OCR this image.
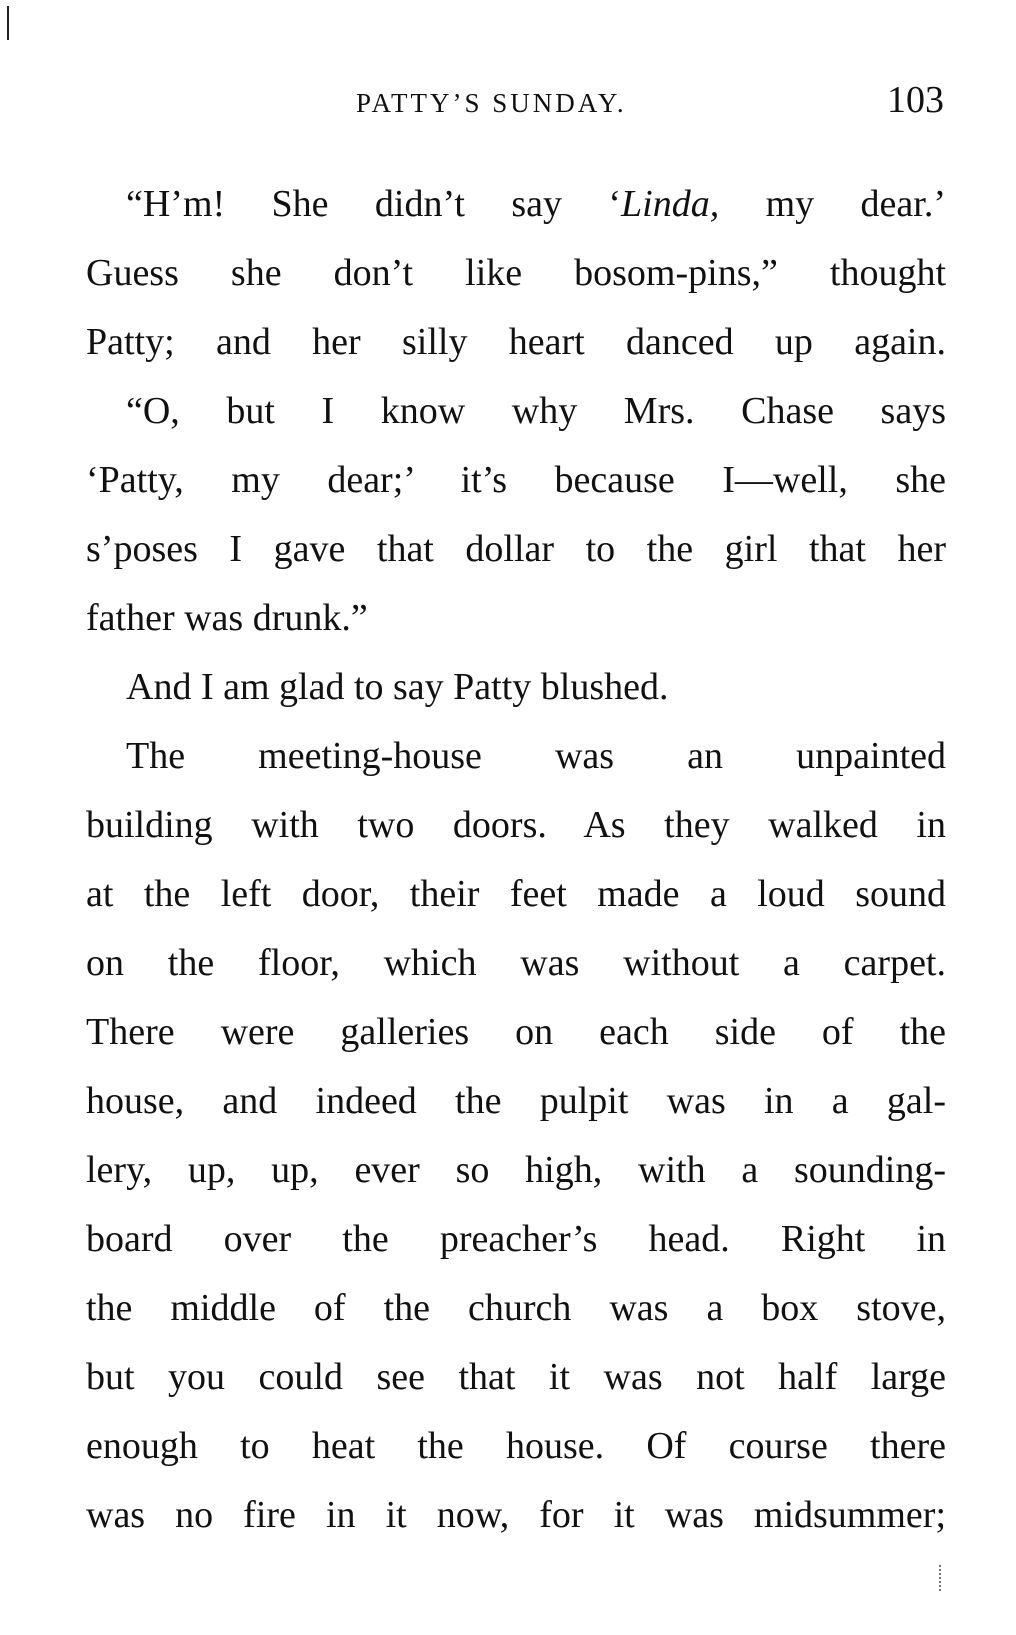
PATTY’S SUNDAY.	103
“H’m! She didn’t say ‘Linda, my dear.’
Guess she don’t like bosom-pins,” thought
Patty; and her silly heart danced up again.
“O, but I know why Mrs. Chase says
‘Patty, my dear;’ it’s because I—well, she
s’poses I gave that dollar to the girl that her
father was drunk.”
And I am glad to say Patty blushed.
The meeting-house was an unpainted
building with two doors. As they walked in
at the left door, their feet made a loud sound
on the floor, which was without a carpet.
There were galleries on each side of the
house, and indeed the pulpit was in a gal-
lery, up, up, ever so high, with a sounding-
board over the preacher’s head. Right in
the middle of the church was a box stove,
but you could see that it was not half large
enough to heat the house. Of course there
was no fire in it now, for it was midsummer;
